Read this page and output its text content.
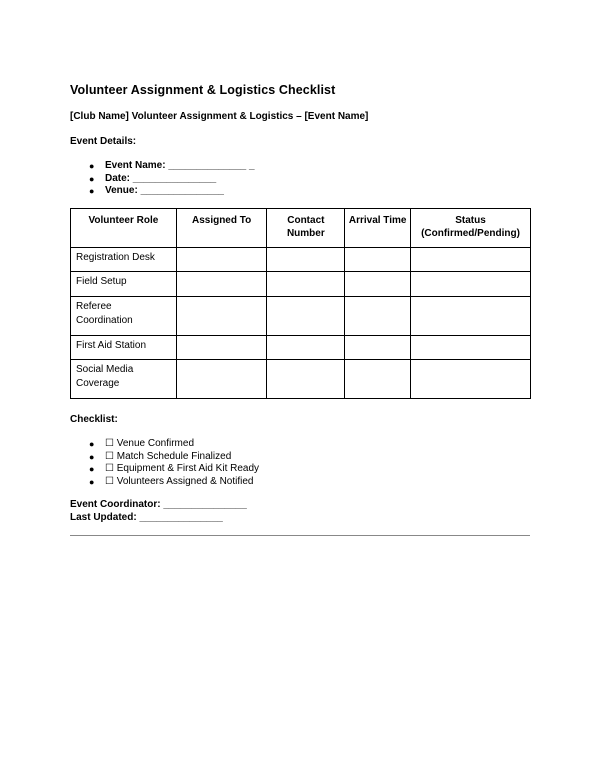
Volunteer Assignment & Logistics Checklist
[Club Name] Volunteer Assignment & Logistics – [Event Name]
Event Details:
● Event Name: ______________ _
● Date: _______________
● Venue: _______________
Volunteer Role	Assigned To	Contact Number	Arrival Time	Status (Confirmed/Pending)
Registration Desk				
Field Setup				
Referee Coordination				
First Aid Station				
Social Media Coverage				
Checklist:
● ☐ Venue Confirmed
● ☐ Match Schedule Finalized
● ☐ Equipment & First Aid Kit Ready
● ☐ Volunteers Assigned & Notified
Event Coordinator: _______________
Last Updated: _______________
